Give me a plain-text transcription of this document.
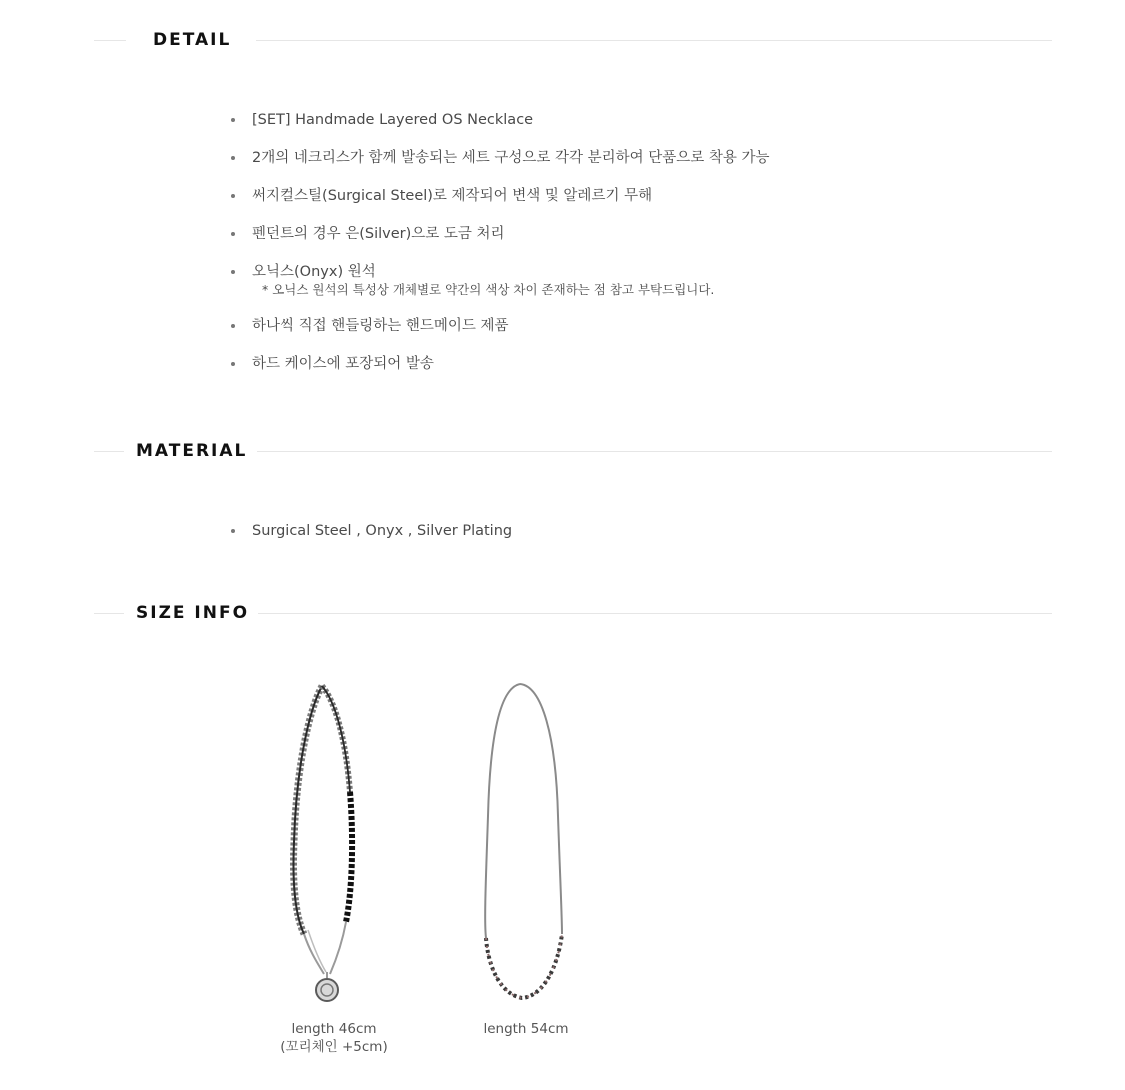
DETAIL
[SET] Handmade Layered OS Necklace
2개의 네크리스가 함께 발송되는 세트 구성으로 각각 분리하여 단품으로 착용 가능
써지컬스틸(Surgical Steel)로 제작되어 변색 및 알레르기 무해
펜던트의 경우 은(Silver)으로 도금 처리
오닉스(Onyx) 원석
* 오닉스 원석의 특성상 개체별로 약간의 색상 차이 존재하는 점 참고 부탁드립니다.
하나씩 직접 핸들링하는 핸드메이드 제품
하드 케이스에 포장되어 발송
MATERIAL
Surgical Steel , Onyx , Silver Plating
SIZE INFO
length 46cm
(꼬리체인 +5cm)
length 54cm
